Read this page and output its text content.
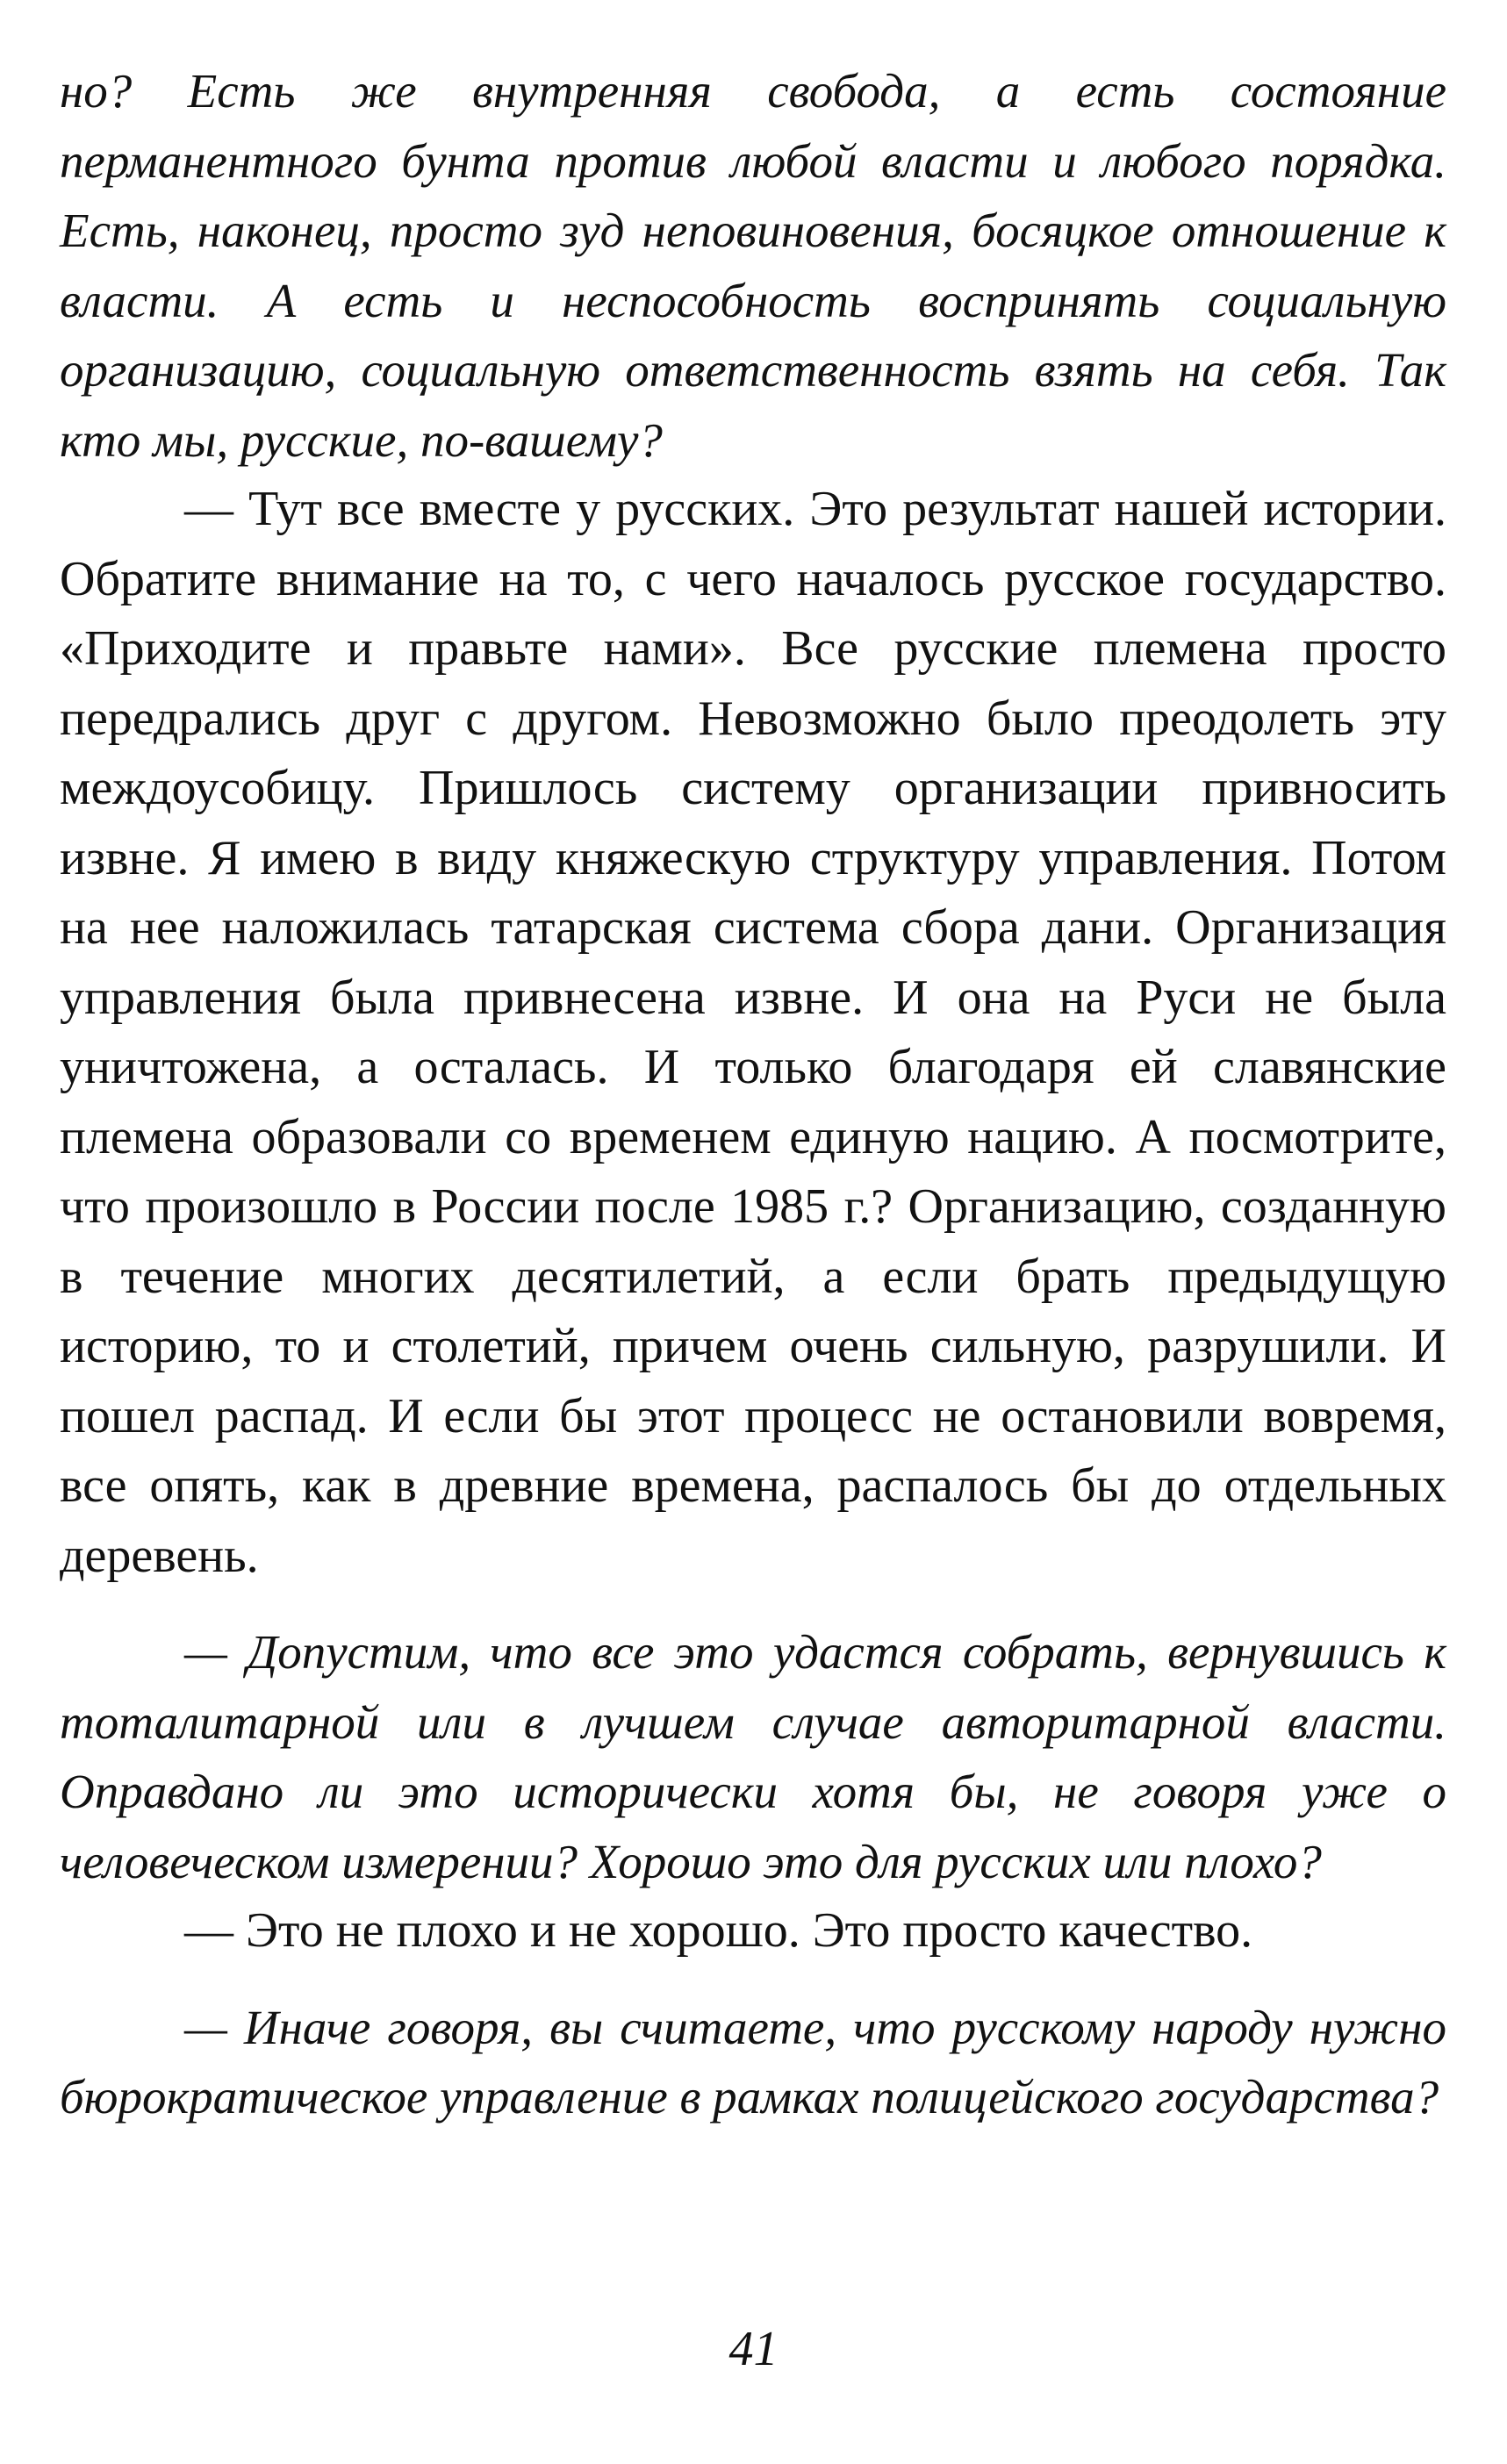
но? Есть же внутренняя свобода, а есть состояние перманентного бунта против любой власти и любого порядка. Есть, наконец, просто зуд неповиновения, босяцкое отношение к власти. А есть и неспособность воспринять социальную организацию, социальную ответственность взять на себя. Так кто мы, русские, по-вашему?

— Тут все вместе у русских. Это результат нашей истории. Обратите внимание на то, с чего началось русское государство. «Приходите и правьте нами». Все русские племена просто передрались друг с другом. Невозможно было преодолеть эту междоусобицу. Пришлось систему организации привносить извне. Я имею в виду княжескую структуру управления. Потом на нее наложилась татарская система сбора дани. Организация управления была привнесена извне. И она на Руси не была уничтожена, а осталась. И только благодаря ей славянские племена образовали со временем единую нацию. А посмотрите, что произошло в России после 1985 г.? Организацию, созданную в течение многих десятилетий, а если брать предыдущую историю, то и столетий, причем очень сильную, разрушили. И пошел распад. И если бы этот процесс не остановили вовремя, все опять, как в древние времена, распалось бы до отдельных деревень.

— Допустим, что все это удастся собрать, вернувшись к тоталитарной или в лучшем случае авторитарной власти. Оправдано ли это исторически хотя бы, не говоря уже о человеческом измерении? Хорошо это для русских или плохо?

— Это не плохо и не хорошо. Это просто качество.

— Иначе говоря, вы считаете, что русскому народу нужно бюрократическое управление в рамках полицейского государства?

41
